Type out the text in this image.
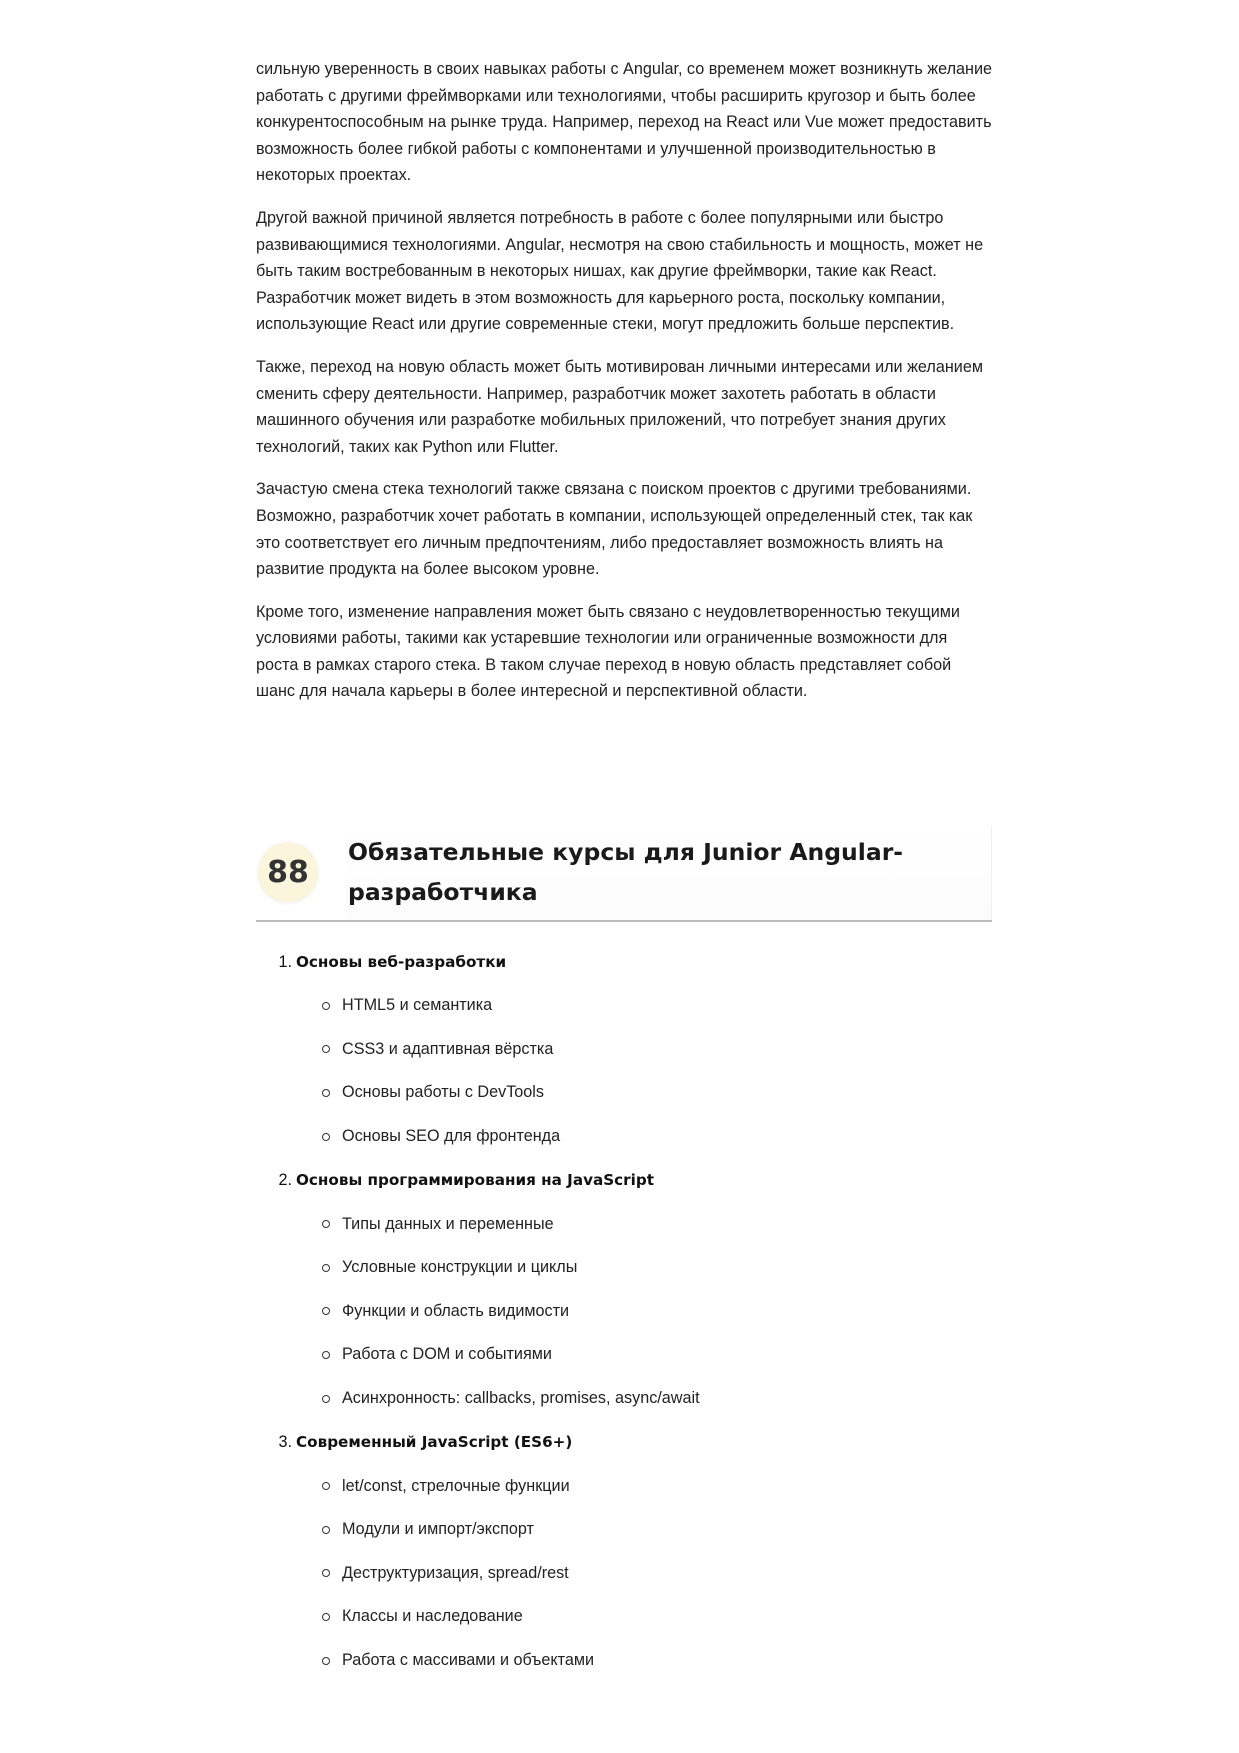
сильную уверенность в своих навыках работы с Angular, со временем может возникнуть желание работать с другими фреймворками или технологиями, чтобы расширить кругозор и быть более конкурентоспособным на рынке труда. Например, переход на React или Vue может предоставить возможность более гибкой работы с компонентами и улучшенной производительностью в некоторых проектах.

Другой важной причиной является потребность в работе с более популярными или быстро развивающимися технологиями. Angular, несмотря на свою стабильность и мощность, может не быть таким востребованным в некоторых нишах, как другие фреймворки, такие как React. Разработчик может видеть в этом возможность для карьерного роста, поскольку компании, использующие React или другие современные стеки, могут предложить больше перспектив.

Также, переход на новую область может быть мотивирован личными интересами или желанием сменить сферу деятельности. Например, разработчик может захотеть работать в области машинного обучения или разработке мобильных приложений, что потребует знания других технологий, таких как Python или Flutter.

Зачастую смена стека технологий также связана с поиском проектов с другими требованиями. Возможно, разработчик хочет работать в компании, использующей определенный стек, так как это соответствует его личным предпочтениям, либо предоставляет возможность влиять на развитие продукта на более высоком уровне.

Кроме того, изменение направления может быть связано с неудовлетворенностью текущими условиями работы, такими как устаревшие технологии или ограниченные возможности для роста в рамках старого стека. В таком случае переход в новую область представляет собой шанс для начала карьеры в более интересной и перспективной области.

88
Обязательные курсы для Junior Angular-разработчика
1. Основы веб-разработки
HTML5 и семантика
CSS3 и адаптивная вёрстка
Основы работы с DevTools
Основы SEO для фронтенда
2. Основы программирования на JavaScript
Типы данных и переменные
Условные конструкции и циклы
Функции и область видимости
Работа с DOM и событиями
Асинхронность: callbacks, promises, async/await
3. Современный JavaScript (ES6+)
let/const, стрелочные функции
Модули и импорт/экспорт
Деструктуризация, spread/rest
Классы и наследование
Работа с массивами и объектами
